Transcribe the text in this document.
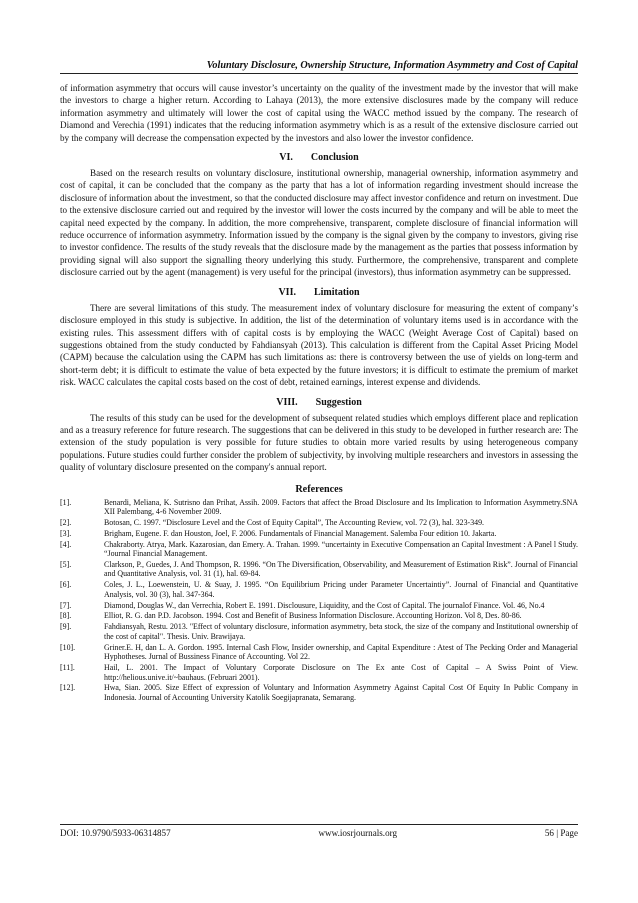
Voluntary Disclosure, Ownership Structure, Information Asymmetry and Cost of Capital

of information asymmetry that occurs will cause investor’s uncertainty on the quality of the investment made by the investor that will make the investors to charge a higher return. According to Lahaya (2013), the more extensive disclosures made by the company will reduce information asymmetry and ultimately will lower the cost of capital using the WACC method issued by the company. The research of Diamond and Verechia (1991) indicates that the reducing information asymmetry which is as a result of the extensive disclosure carried out by the company will decrease the compensation expected by the investors and also lower the investor confidence.

VI. Conclusion

Based on the research results on voluntary disclosure, institutional ownership, managerial ownership, information asymmetry and cost of capital, it can be concluded that the company as the party that has a lot of information regarding investment should increase the disclosure of information about the investment, so that the conducted disclosure may affect investor confidence and return on investment. Due to the extensive disclosure carried out and required by the investor will lower the costs incurred by the company and will be able to meet the capital need expected by the company. In addition, the more comprehensive, transparent, complete disclosure of financial information will reduce occurrence of information asymmetry. Information issued by the company is the signal given by the company to investors, giving rise to investor confidence. The results of the study reveals that the disclosure made by the management as the parties that possess information by providing signal will also support the signalling theory underlying this study. Furthermore, the comprehensive, transparent and complete disclosure carried out by the agent (management) is very useful for the principal (investors), thus information asymmetry can be suppressed.

VII. Limitation

There are several limitations of this study. The measurement index of voluntary disclosure for measuring the extent of company’s disclosure employed in this study is subjective. In addition, the list of the determination of voluntary items used is in accordance with the existing rules. This assessment differs with of capital costs is by employing the WACC (Weight Average Cost of Capital) based on suggestions obtained from the study conducted by Fahdiansyah (2013). This calculation is different from the Capital Asset Pricing Model (CAPM) because the calculation using the CAPM has such limitations as: there is controversy between the use of yields on long-term and short-term debt; it is difficult to estimate the value of beta expected by the future investors; it is difficult to estimate the premium of market risk. WACC calculates the capital costs based on the cost of debt, retained earnings, interest expense and dividends.

VIII. Suggestion

The results of this study can be used for the development of subsequent related studies which employs different place and replication and as a treasury reference for future research. The suggestions that can be delivered in this study to be developed in further research are: The extension of the study population is very possible for future studies to obtain more varied results by using heterogeneous company populations. Future studies could further consider the problem of subjectivity, by involving multiple researchers and investors in assessing the quality of voluntary disclosure presented on the company's annual report.

References
[1].	Benardi, Meliana, K. Sutrisno dan Prihat, Assih. 2009. Factors that affect the Broad Disclosure and Its Implication to Information Asymmetry.SNA XII Palembang, 4-6 November 2009.
[2].	Botosan, C. 1997. “Disclosure Level and the Cost of Equity Capital”, The Accounting Review, vol. 72 (3), hal. 323-349.
[3].	Brigham, Eugene. F. dan Houston, Joel, F. 2006. Fundamentals of Financial Management. Salemba Four edition 10. Jakarta.
[4].	Chakraborty. Atrya, Mark. Kazarosian, dan Emery. A. Trahan. 1999. “uncertainty in Executive Compensation an Capital Investment : A Panel l Study. “Journal Financial Management.
[5].	Clarkson, P., Guedes, J. And Thompson, R. 1996. “On The Diversification, Observability, and Measurement of Estimation Risk”. Journal of Financial and Quantitative Analysis, vol. 31 (1), hal. 69-84.
[6].	Coles, J. L., Loewenstein, U. & Suay, J. 1995. “On Equilibrium Pricing under Parameter Uncertaintiy”. Journal of Financial and Quantitative Analysis, vol. 30 (3), hal. 347-364.
[7].	Diamond, Douglas W., dan Verrechia, Robert E. 1991. Disclousure, Liquidity, and the Cost of Capital. The journalof Finance. Vol. 46, No.4
[8].	Elliot, R. G. dan P.D. Jacobson. 1994. Cost and Benefit of Business Information Disclosure. Accounting Horizon. Vol 8, Des. 80-86.
[9].	Fahdiansyah, Restu. 2013. "Effect of voluntary disclosure, information asymmetry, beta stock, the size of the company and Institutional ownership of the cost of capital". Thesis. Univ. Brawijaya.
[10].	Griner.E. H, dan L. A. Gordon. 1995. Internal Cash Flow, Insider ownership, and Capital Expenditure : Atest of The Pecking Order and Managerial Hyphotheses. Jurnal of Bussiness Finance of Accounting. Vol 22.
[11].	Hail, L. 2001. The Impact of Voluntary Corporate Disclosure on The Ex ante Cost of Capital – A Swiss Point of View. http://helious.unive.it/~bauhaus. (Februari 2001).
[12].	Hwa, Sian. 2005. Size Effect of expression of Voluntary and Information Asymmetry Against Capital Cost Of Equity In Public Company in Indonesia. Journal of Accounting University Katolik Soegijapranata, Semarang.
DOI: 10.9790/5933-06314857	www.iosrjournals.org	56 | Page
